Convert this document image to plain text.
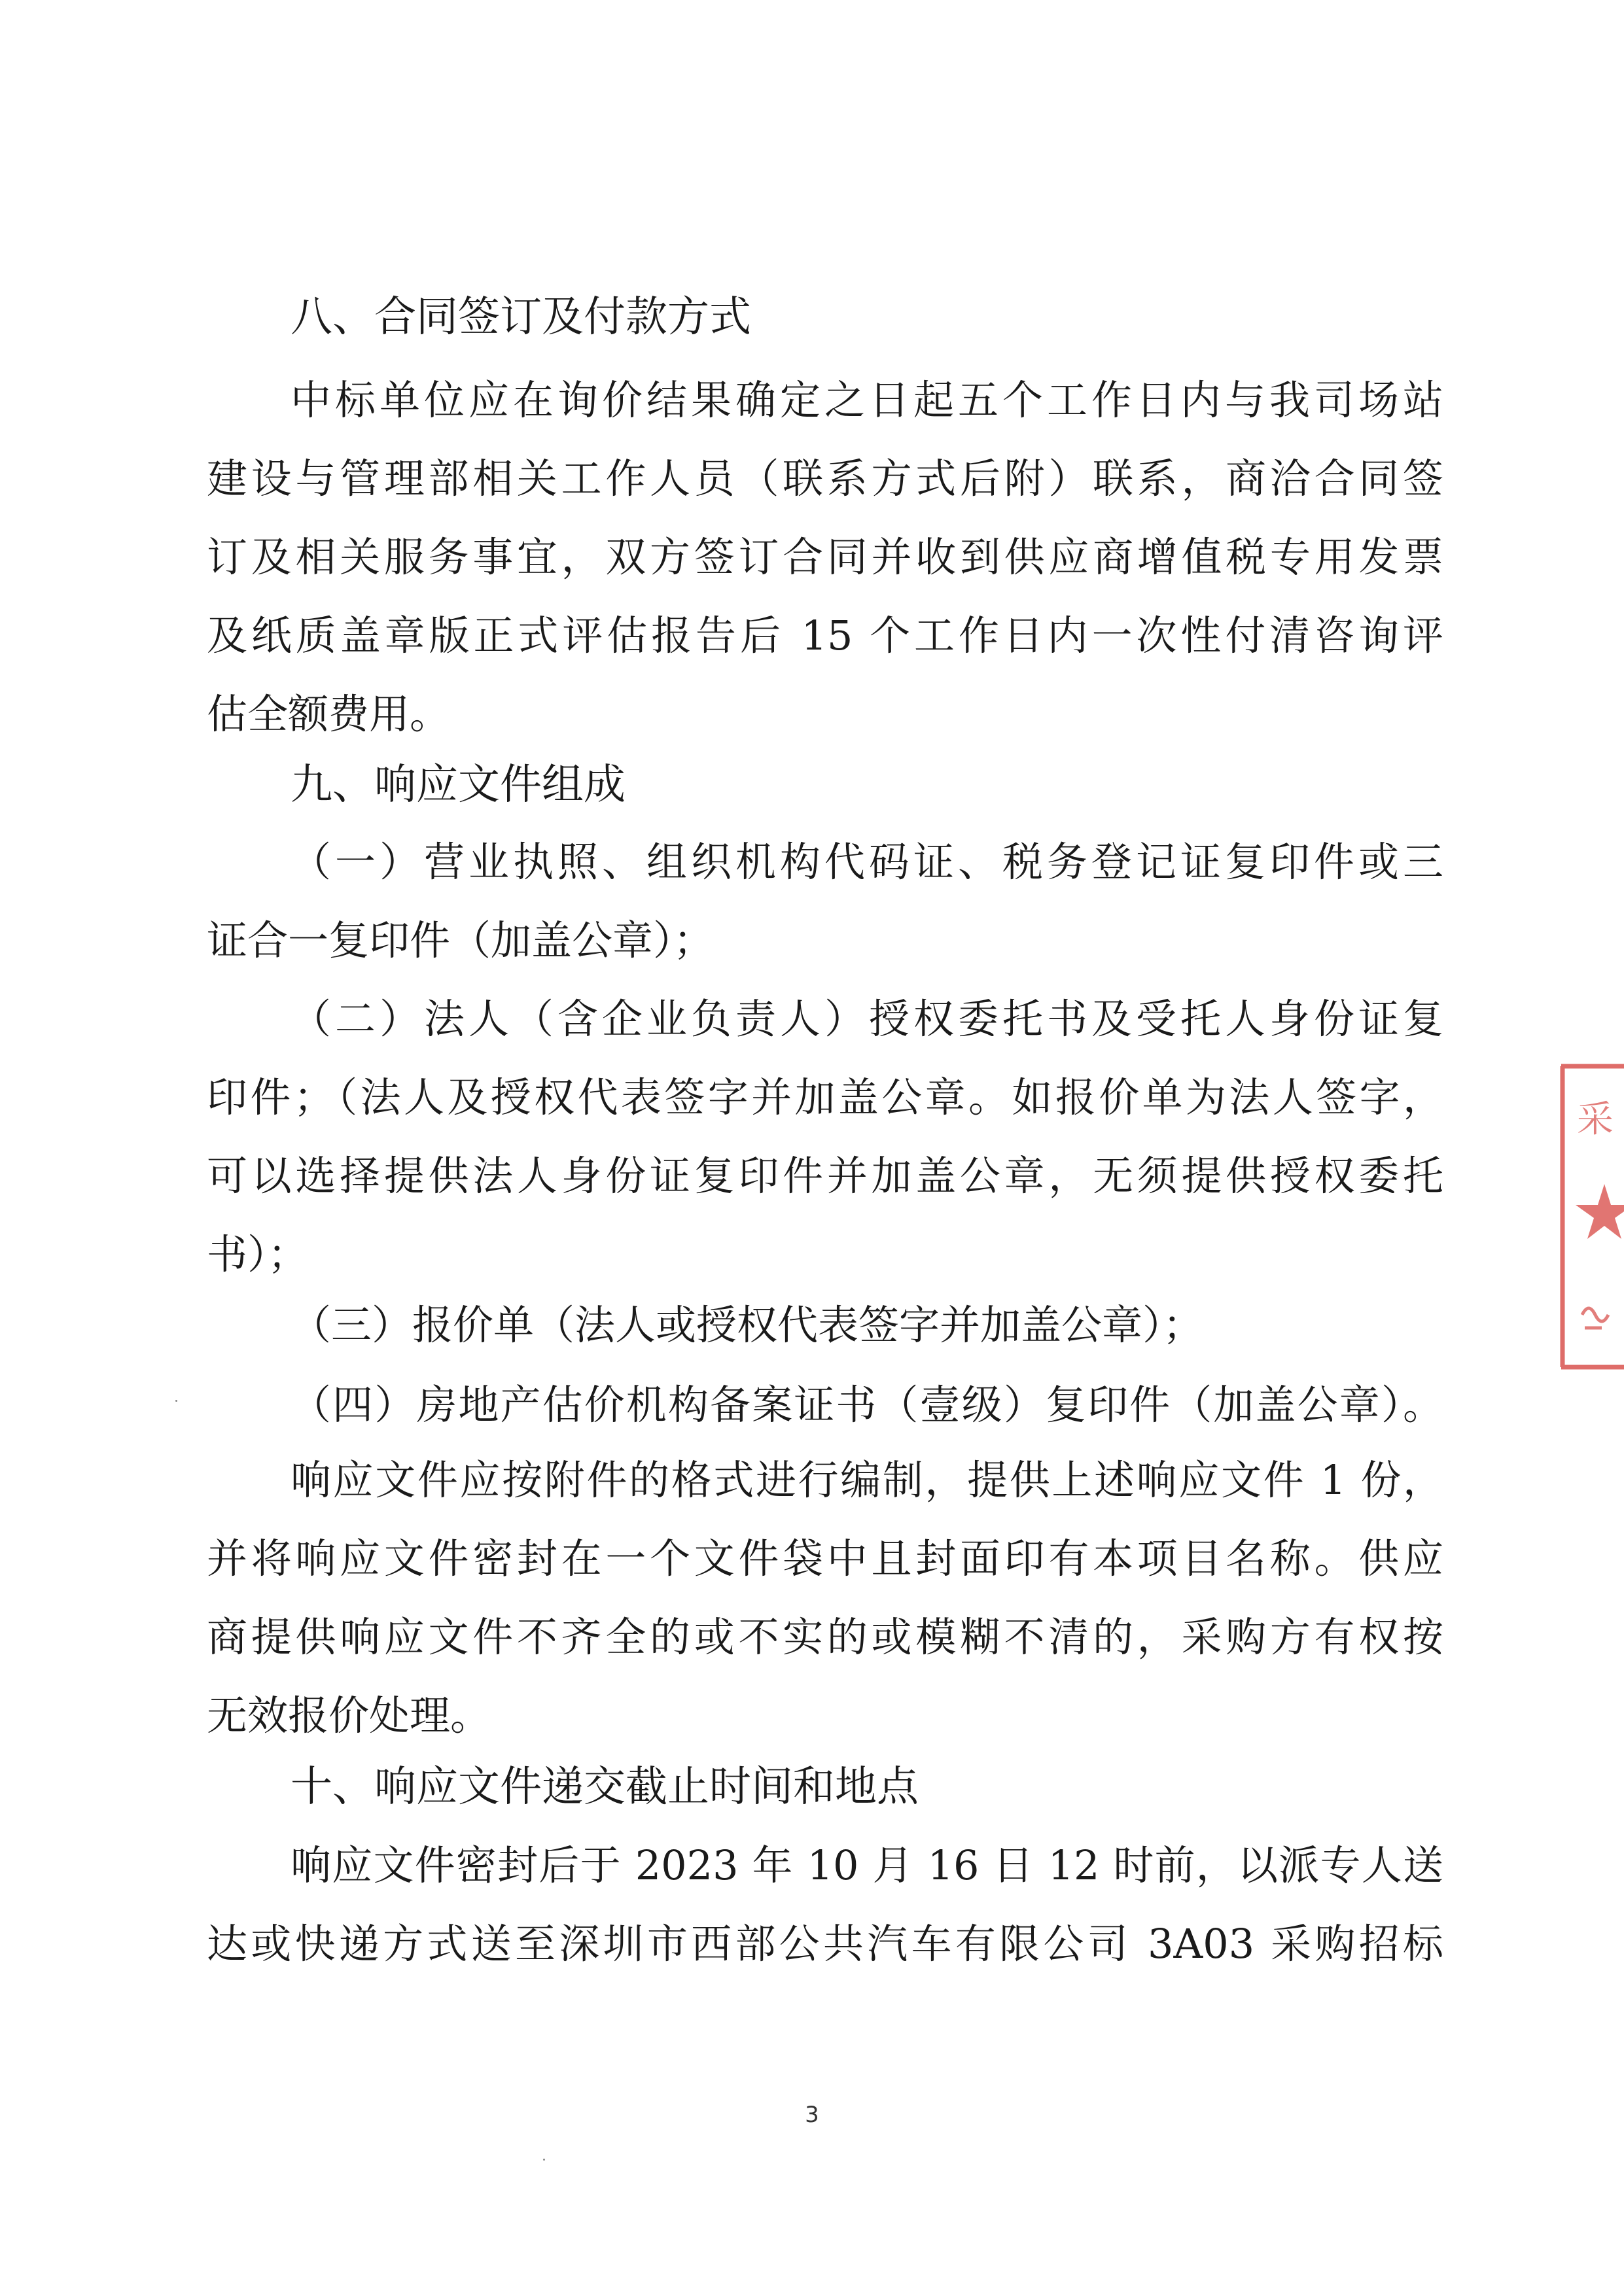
八、合同签订及付款方式
中标单位应在询价结果确定之日起五个工作日内与我司场站
建设与管理部相关工作人员（联系方式后附）联系，商洽合同签
订及相关服务事宜，双方签订合同并收到供应商增值税专用发票
及纸质盖章版正式评估报告后 15 个工作日内一次性付清咨询评
估全额费用。
九、响应文件组成
（一）营业执照、组织机构代码证、税务登记证复印件或三
证合一复印件（加盖公章）；
（二）法人（含企业负责人）授权委托书及受托人身份证复
印件；（法人及授权代表签字并加盖公章。如报价单为法人签字，
可以选择提供法人身份证复印件并加盖公章，无须提供授权委托
书）；
（三）报价单（法人或授权代表签字并加盖公章）；
（四）房地产估价机构备案证书（壹级）复印件（加盖公章）。
响应文件应按附件的格式进行编制，提供上述响应文件 1 份，
并将响应文件密封在一个文件袋中且封面印有本项目名称。供应
商提供响应文件不齐全的或不实的或模糊不清的，采购方有权按
无效报价处理。
十、响应文件递交截止时间和地点
响应文件密封后于 2023 年 10 月 16 日 12 时前，以派专人送
达或快递方式送至深圳市西部公共汽车有限公司 3A03 采购招标
3
采
